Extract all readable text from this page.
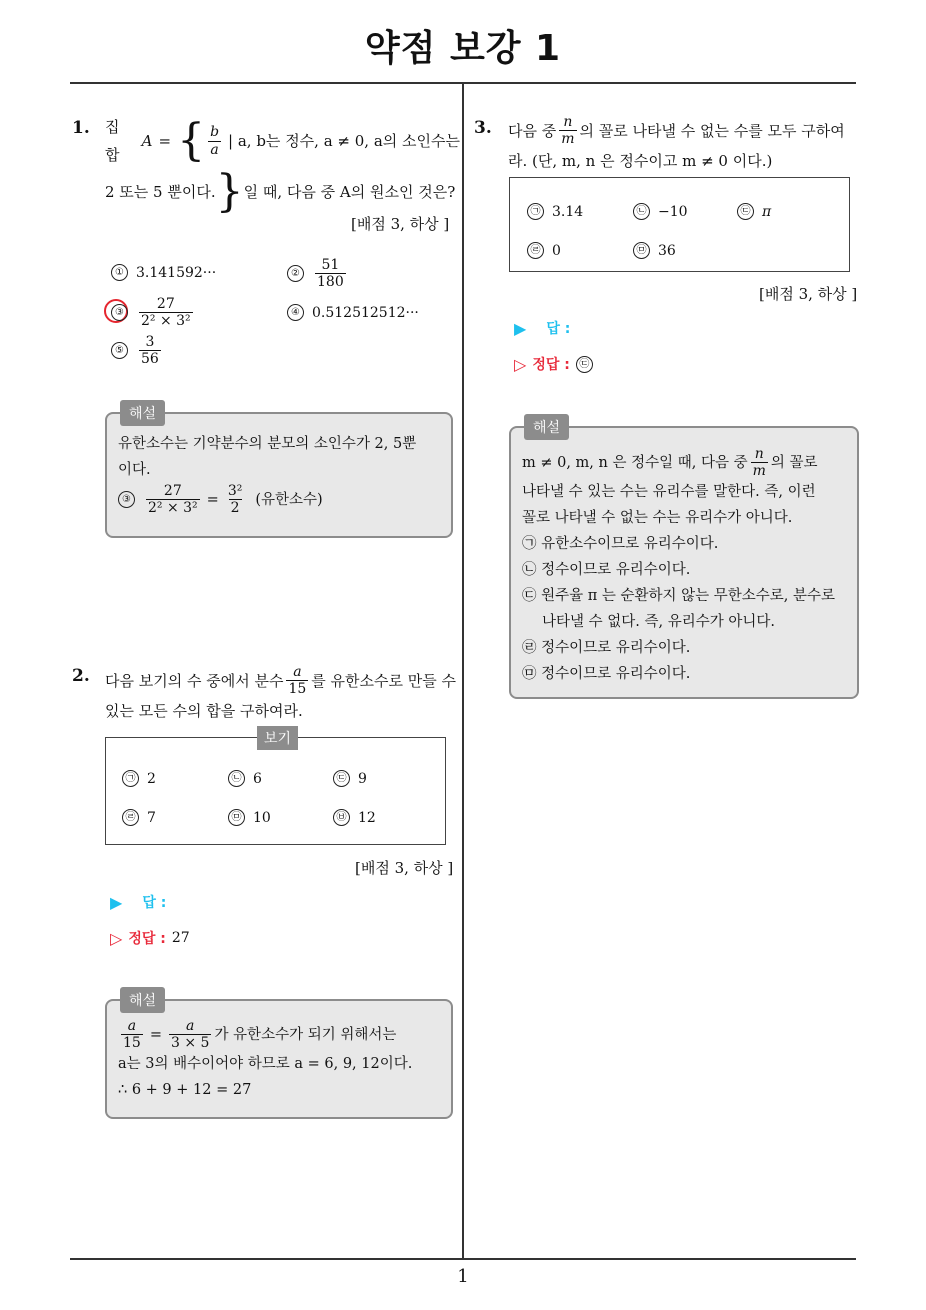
약점 보강 1
1
1. 집합
A = { $\frac{b}{a}$ | a, b는 정수, a ≠ 0, a의 소인수는
2 또는 5 뿐이다. } 일 때, 다음 중 A의 원소인 것은?
[배점 3, 하상 ]
① 3.141592···	② $\frac{51}{180}$
③ $\frac{27}{\text{2² × 3²}}$	④ 0.512512512···
⑤ $\frac{3}{56}$
해설
유한소수는 기약분수의 분모의 소인수가 2, 5뿐
이다.
③ $\frac{27}{\text{2² × 3²}} = \frac{\text{3²}}{2}$ (유한소수)
2. 다음 보기의 수 중에서 분수 $\frac{a}{15}$ 를 유한소수로 만들 수
있는 모든 수의 합을 구하여라.
보기
㉠ 2	㉡ 6	㉢ 9
㉣ 7	㉤ 10	㉥ 12
[배점 3, 하상 ]
▶ 답 :
▷ 정답 : 27
해설
$\frac{a}{15} = \frac{a}{3 \times 5}$ 가 유한소수가 되기 위해서는
a는 3의 배수이어야 하므로 a = 6, 9, 12이다.
∴ 6 + 9 + 12 = 27
3. 다음 중 $\frac{n}{m}$ 의 꼴로 나타낼 수 없는 수를 모두 구하여
라. (단, m, n 은 정수이고 m ≠ 0 이다.)
㉠ 3.14	㉡ −10	㉢ π
㉣ 0	㉤ 36
[배점 3, 하상 ]
▶ 답 :
▷ 정답 : ㉢
해설
m ≠ 0, m, n 은 정수일 때, 다음 중 $\frac{n}{m}$ 의 꼴로
나타낼 수 있는 수는 유리수를 말한다. 즉, 이런
꼴로 나타낼 수 없는 수는 유리수가 아니다.
㉠ 유한소수이므로 유리수이다.
㉡ 정수이므로 유리수이다.
㉢ 원주율 π 는 순환하지 않는 무한소수로, 분수로
나타낼 수 없다. 즉, 유리수가 아니다.
㉣ 정수이므로 유리수이다.
㉤ 정수이므로 유리수이다.
